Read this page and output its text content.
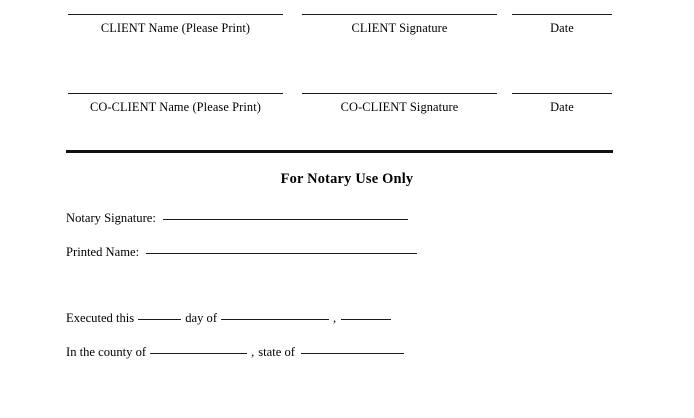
CLIENT Name (Please Print)	CLIENT Signature	Date
CO-CLIENT Name (Please Print)	CO-CLIENT Signature	Date
For Notary Use Only
Notary Signature:
Printed Name:
Executed this	day of	,
In the county of	, state of
